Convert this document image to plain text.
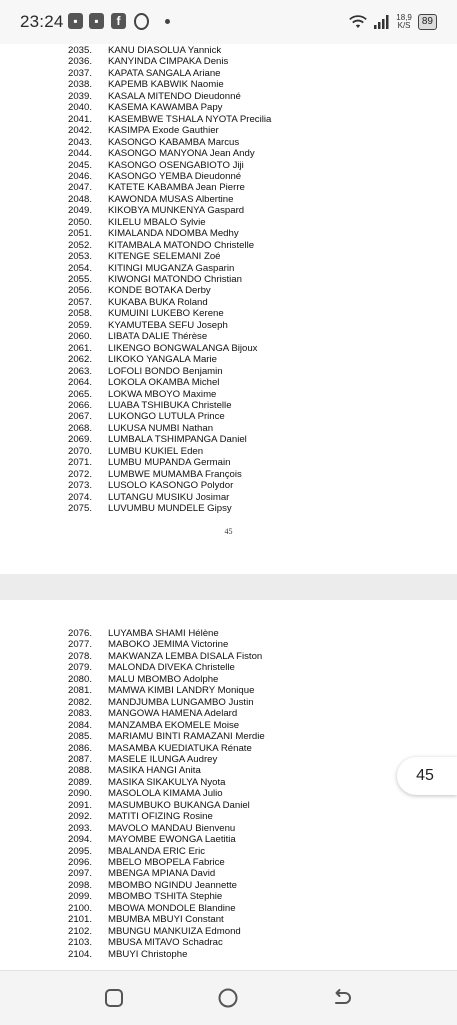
23:24 ▪	▪	f	18,9
K/S	89
2035.	KANU DIASOLUA Yannick
2036.	KANYINDA CIMPAKA Denis
2037.	KAPATA SANGALA Ariane
2038.	KAPEMB KABWIK Naomie
2039.	KASALA MITENDO Dieudonné
2040.	KASEMA KAWAMBA Papy
2041.	KASEMBWE TSHALA NYOTA Precilia
2042.	KASIMPA Exode Gauthier
2043.	KASONGO KABAMBA Marcus
2044.	KASONGO MANYONA Jean Andy
2045.	KASONGO OSENGABIOTO Jiji
2046.	KASONGO YEMBA Dieudonné
2047.	KATETE KABAMBA Jean Pierre
2048.	KAWONDA MUSAS Albertine
2049.	KIKOBYA MUNKENYA Gaspard
2050.	KILELU MBALO Sylvie
2051.	KIMALANDA NDOMBA Medhy
2052.	KITAMBALA MATONDO Christelle
2053.	KITENGE SELEMANI Zoé
2054.	KITINGI MUGANZA Gasparin
2055.	KIWONGI MATONDO Christian
2056.	KONDE BOTAKA Derby
2057.	KUKABA BUKA Roland
2058.	KUMUINI LUKEBO Kerene
2059.	KYAMUTEBA SEFU Joseph
2060.	LIBATA DALIE Thérèse
2061.	LIKENGO BONGWALANGA Bijoux
2062.	LIKOKO YANGALA Marie
2063.	LOFOLI BONDO Benjamin
2064.	LOKOLA OKAMBA Michel
2065.	LOKWA MBOYO Maxime
2066.	LUABA TSHIBUKA Christelle
2067.	LUKONGO LUTULA Prince
2068.	LUKUSA NUMBI Nathan
2069.	LUMBALA TSHIMPANGA Daniel
2070.	LUMBU KUKIEL Eden
2071.	LUMBU MUPANDA Germain
2072.	LUMBWE MUMAMBA François
2073.	LUSOLO KASONGO Polydor
2074.	LUTANGU MUSIKU Josimar
2075.	LUVUMBU MUNDELE Gipsy
45
2076.	LUYAMBA SHAMI Hélène
2077.	MABOKO JEMIMA Victorine
2078.	MAKWANZA LEMBA DISALA Fiston
2079.	MALONDA DIVEKA Christelle
2080.	MALU MBOMBO Adolphe
2081.	MAMWA KIMBI LANDRY Monique
2082.	MANDJUMBA LUNGAMBO Justin
2083.	MANGOWA HAMENA Adelard
2084.	MANZAMBA EKOMELE Moise
2085.	MARIAMU BINTI RAMAZANI Merdie
2086.	MASAMBA KUEDIATUKA Rénate
2087.	MASELE ILUNGA Audrey
2088.	MASIKA HANGI Anita
2089.	MASIKA SIKAKULYA Nyota
2090.	MASOLOLA KIMAMA Julio
2091.	MASUMBUKO BUKANGA Daniel
2092.	MATITI OFIZING Rosine
2093.	MAVOLO MANDAU Bienvenu
2094.	MAYOMBE EWONGA Laetitia
2095.	MBALANDA ERIC Eric
2096.	MBELO MBOPELA Fabrice
2097.	MBENGA MPIANA David
2098.	MBOMBO NGINDU Jeannette
2099.	MBOMBO TSHITA Stephie
2100.	MBOWA MONDOLE Blandine
2101.	MBUMBA MBUYI Constant
2102.	MBUNGU MANKUIZA Edmond
2103.	MBUSA MITAVO Schadrac
2104.	MBUYI Christophe
45
